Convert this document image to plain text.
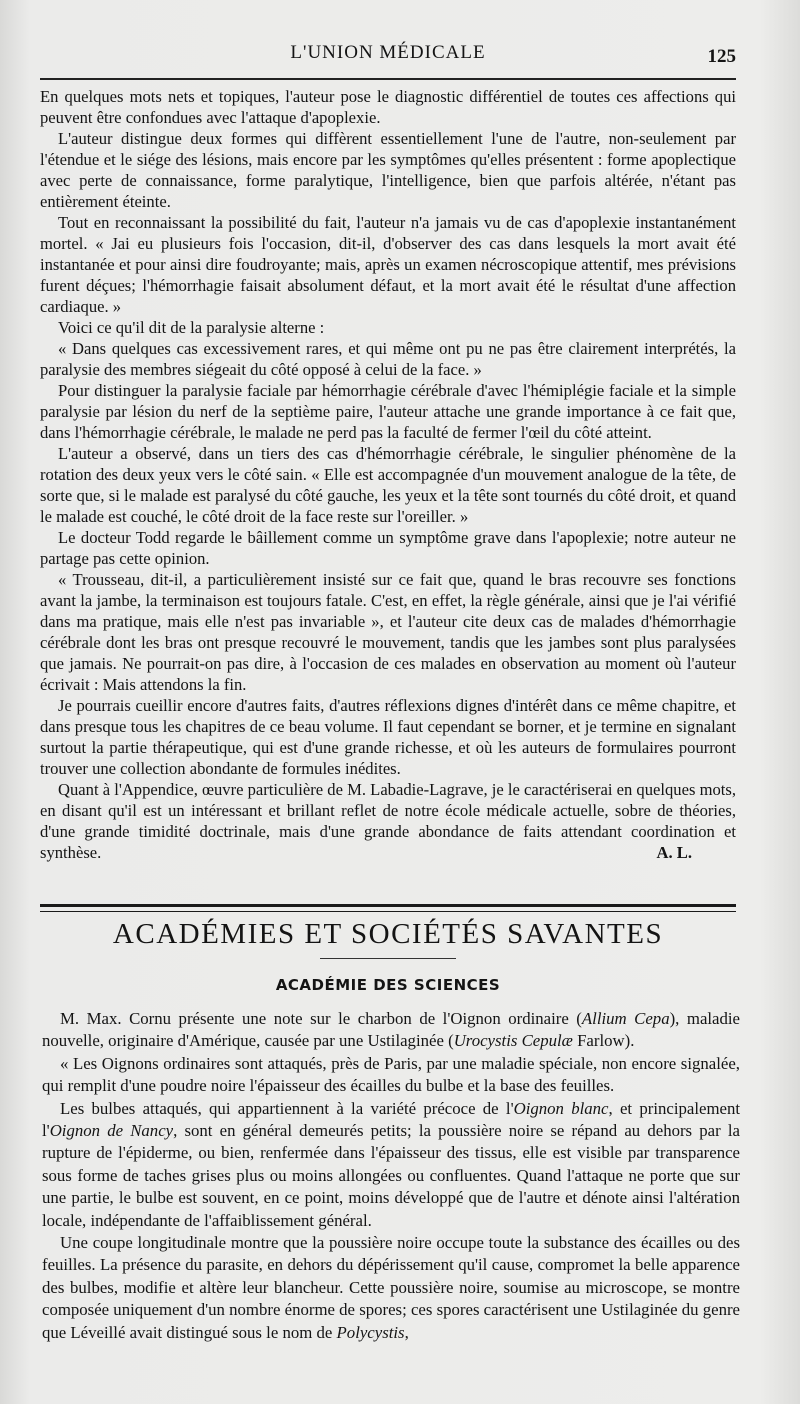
L'UNION MÉDICALE	125

En quelques mots nets et topiques, l'auteur pose le diagnostic différentiel de toutes ces affections qui peuvent être confondues avec l'attaque d'apoplexie.

L'auteur distingue deux formes qui diffèrent essentiellement l'une de l'autre, non-seulement par l'étendue et le siége des lésions, mais encore par les symptômes qu'elles présentent : forme apoplectique avec perte de connaissance, forme paralytique, l'intelligence, bien que parfois altérée, n'étant pas entièrement éteinte.

Tout en reconnaissant la possibilité du fait, l'auteur n'a jamais vu de cas d'apoplexie instantanément mortel. « Jai eu plusieurs fois l'occasion, dit-il, d'observer des cas dans lesquels la mort avait été instantanée et pour ainsi dire foudroyante; mais, après un examen nécroscopique attentif, mes prévisions furent déçues; l'hémorrhagie faisait absolument défaut, et la mort avait été le résultat d'une affection cardiaque. »

Voici ce qu'il dit de la paralysie alterne :

« Dans quelques cas excessivement rares, et qui même ont pu ne pas être clairement interprétés, la paralysie des membres siégeait du côté opposé à celui de la face. »

Pour distinguer la paralysie faciale par hémorrhagie cérébrale d'avec l'hémiplégie faciale et la simple paralysie par lésion du nerf de la septième paire, l'auteur attache une grande importance à ce fait que, dans l'hémorrhagie cérébrale, le malade ne perd pas la faculté de fermer l'œil du côté atteint.

L'auteur a observé, dans un tiers des cas d'hémorrhagie cérébrale, le singulier phénomène de la rotation des deux yeux vers le côté sain. « Elle est accompagnée d'un mouvement analogue de la tête, de sorte que, si le malade est paralysé du côté gauche, les yeux et la tête sont tournés du côté droit, et quand le malade est couché, le côté droit de la face reste sur l'oreiller. »

Le docteur Todd regarde le bâillement comme un symptôme grave dans l'apoplexie; notre auteur ne partage pas cette opinion.

« Trousseau, dit-il, a particulièrement insisté sur ce fait que, quand le bras recouvre ses fonctions avant la jambe, la terminaison est toujours fatale. C'est, en effet, la règle générale, ainsi que je l'ai vérifié dans ma pratique, mais elle n'est pas invariable », et l'auteur cite deux cas de malades d'hémorrhagie cérébrale dont les bras ont presque recouvré le mouvement, tandis que les jambes sont plus paralysées que jamais. Ne pourrait-on pas dire, à l'occasion de ces malades en observation au moment où l'auteur écrivait : Mais attendons la fin.

Je pourrais cueillir encore d'autres faits, d'autres réflexions dignes d'intérêt dans ce même chapitre, et dans presque tous les chapitres de ce beau volume. Il faut cependant se borner, et je termine en signalant surtout la partie thérapeutique, qui est d'une grande richesse, et où les auteurs de formulaires pourront trouver une collection abondante de formules inédites.

Quant à l'Appendice, œuvre particulière de M. Labadie-Lagrave, je le caractériserai en quelques mots, en disant qu'il est un intéressant et brillant reflet de notre école médicale actuelle, sobre de théories, d'une grande timidité doctrinale, mais d'une grande abondance de faits attendant coordination et synthèse.	A. L.

ACADÉMIES ET SOCIÉTÉS SAVANTES
ACADÉMIE DES SCIENCES

M. Max. Cornu présente une note sur le charbon de l'Oignon ordinaire (Allium Cepa), maladie nouvelle, originaire d'Amérique, causée par une Ustilaginée (Urocystis Cepulæ Farlow).

« Les Oignons ordinaires sont attaqués, près de Paris, par une maladie spéciale, non encore signalée, qui remplit d'une poudre noire l'épaisseur des écailles du bulbe et la base des feuilles.

Les bulbes attaqués, qui appartiennent à la variété précoce de l'Oignon blanc, et principalement l'Oignon de Nancy, sont en général demeurés petits; la poussière noire se répand au dehors par la rupture de l'épiderme, ou bien, renfermée dans l'épaisseur des tissus, elle est visible par transparence sous forme de taches grises plus ou moins allongées ou confluentes. Quand l'attaque ne porte que sur une partie, le bulbe est souvent, en ce point, moins développé que de l'autre et dénote ainsi l'altération locale, indépendante de l'affaiblissement général.

Une coupe longitudinale montre que la poussière noire occupe toute la substance des écailles ou des feuilles. La présence du parasite, en dehors du dépérissement qu'il cause, compromet la belle apparence des bulbes, modifie et altère leur blancheur. Cette poussière noire, soumise au microscope, se montre composée uniquement d'un nombre énorme de spores; ces spores caractérisent une Ustilaginée du genre que Léveillé avait distingué sous le nom de Polycystis,
